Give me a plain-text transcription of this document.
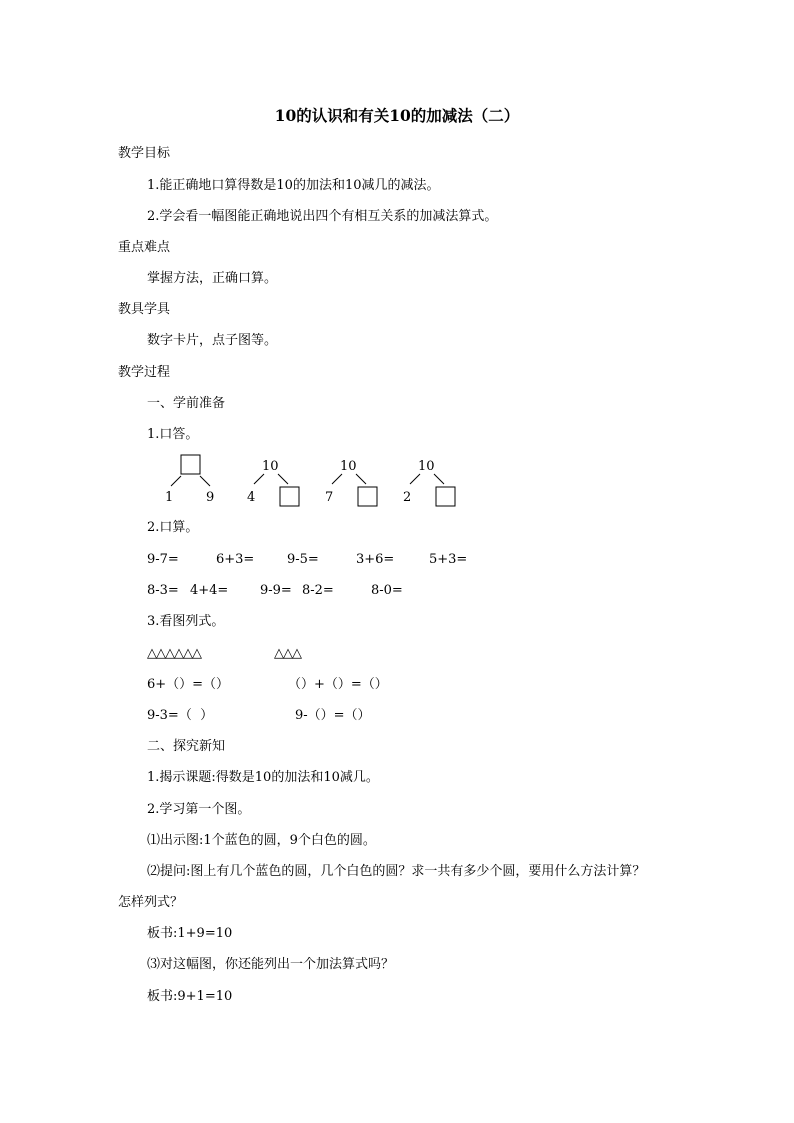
10的认识和有关10的加减法（二）
教学目标
1.能正确地口算得数是10的加法和10减几的减法。
2.学会看一幅图能正确地说出四个有相互关系的加减法算式。
重点难点
掌握方法，正确口算。
教具学具
数字卡片，点子图等。
教学过程
一、学前准备
1.口答。
1	9
10
4
10
7
10
2
2.口算。
9-7=	6+3=	9-5=	3+6=	5+3=
8-3= 4+4= 9-9= 8-2=	8-0=
3.看图列式。
△△△△△△	△△△
6+（）=（）	（）+（）=（）
9-3=（  ）	9-（）=（）
二、探究新知
1.揭示课题:得数是10的加法和10减几。
2.学习第一个图。
⑴出示图:1个蓝色的圆，9个白色的圆。
⑵提问:图上有几个蓝色的圆，几个白色的圆？求一共有多少个圆，要用什么方法计算？
怎样列式？
板书:1+9=10
⑶对这幅图，你还能列出一个加法算式吗？
板书:9+1=10
